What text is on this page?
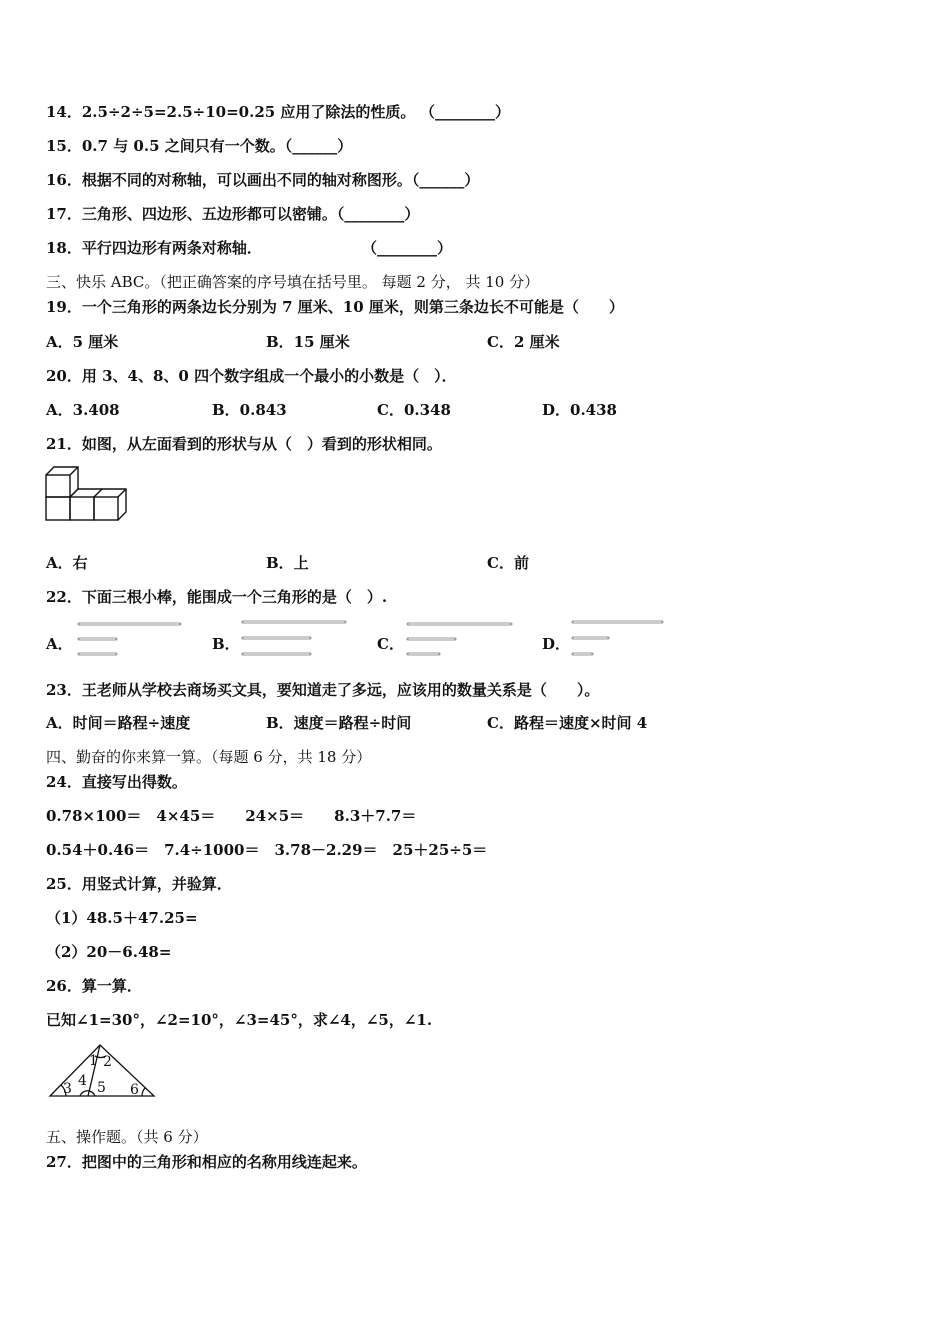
14．2.5÷2÷5=2.5÷10=0.25 应用了除法的性质。 （________）
15．0.7 与 0.5 之间只有一个数。（______）
16．根据不同的对称轴，可以画出不同的轴对称图形。（______）
17．三角形、四边形、五边形都可以密铺。（________）
18．平行四边形有两条对称轴．	（________）
三、快乐 ABC。（把正确答案的序号填在括号里。 每题 2 分， 共 10 分）
19．一个三角形的两条边长分别为 7 厘米、10 厘米，则第三条边长不可能是（　　）
A．5 厘米	B．15 厘米	C．2 厘米
20．用 3、4、8、0 四个数字组成一个最小的小数是（　）．
A．3.408	B．0.843	C．0.348	D．0.438
21．如图，从左面看到的形状与从（　）看到的形状相同。
A．右	B．上	C．前
22．下面三根小棒，能围成一个三角形的是（　）.
A．	B．	C．	D．
23．王老师从学校去商场买文具，要知道走了多远，应该用的数量关系是（　　）。
A．时间＝路程÷速度	B．速度＝路程÷时间	C．路程＝速度×时间 4
四、勤奋的你来算一算。（每题 6 分，共 18 分）
24．直接写出得数。
0.78×100＝　4×45＝　　24×5＝　　8.3＋7.7＝
0.54＋0.46＝　7.4÷1000＝　3.78－2.29＝　25＋25÷5＝
25．用竖式计算，并验算．
（1）48.5＋47.25=
（2）20－6.48=
26．算一算．
已知∠1=30°，∠2=10°，∠3=45°，求∠4，∠5，∠1.
1 2
3 4 5 6
五、操作题。（共 6 分）
27．把图中的三角形和相应的名称用线连起来。
